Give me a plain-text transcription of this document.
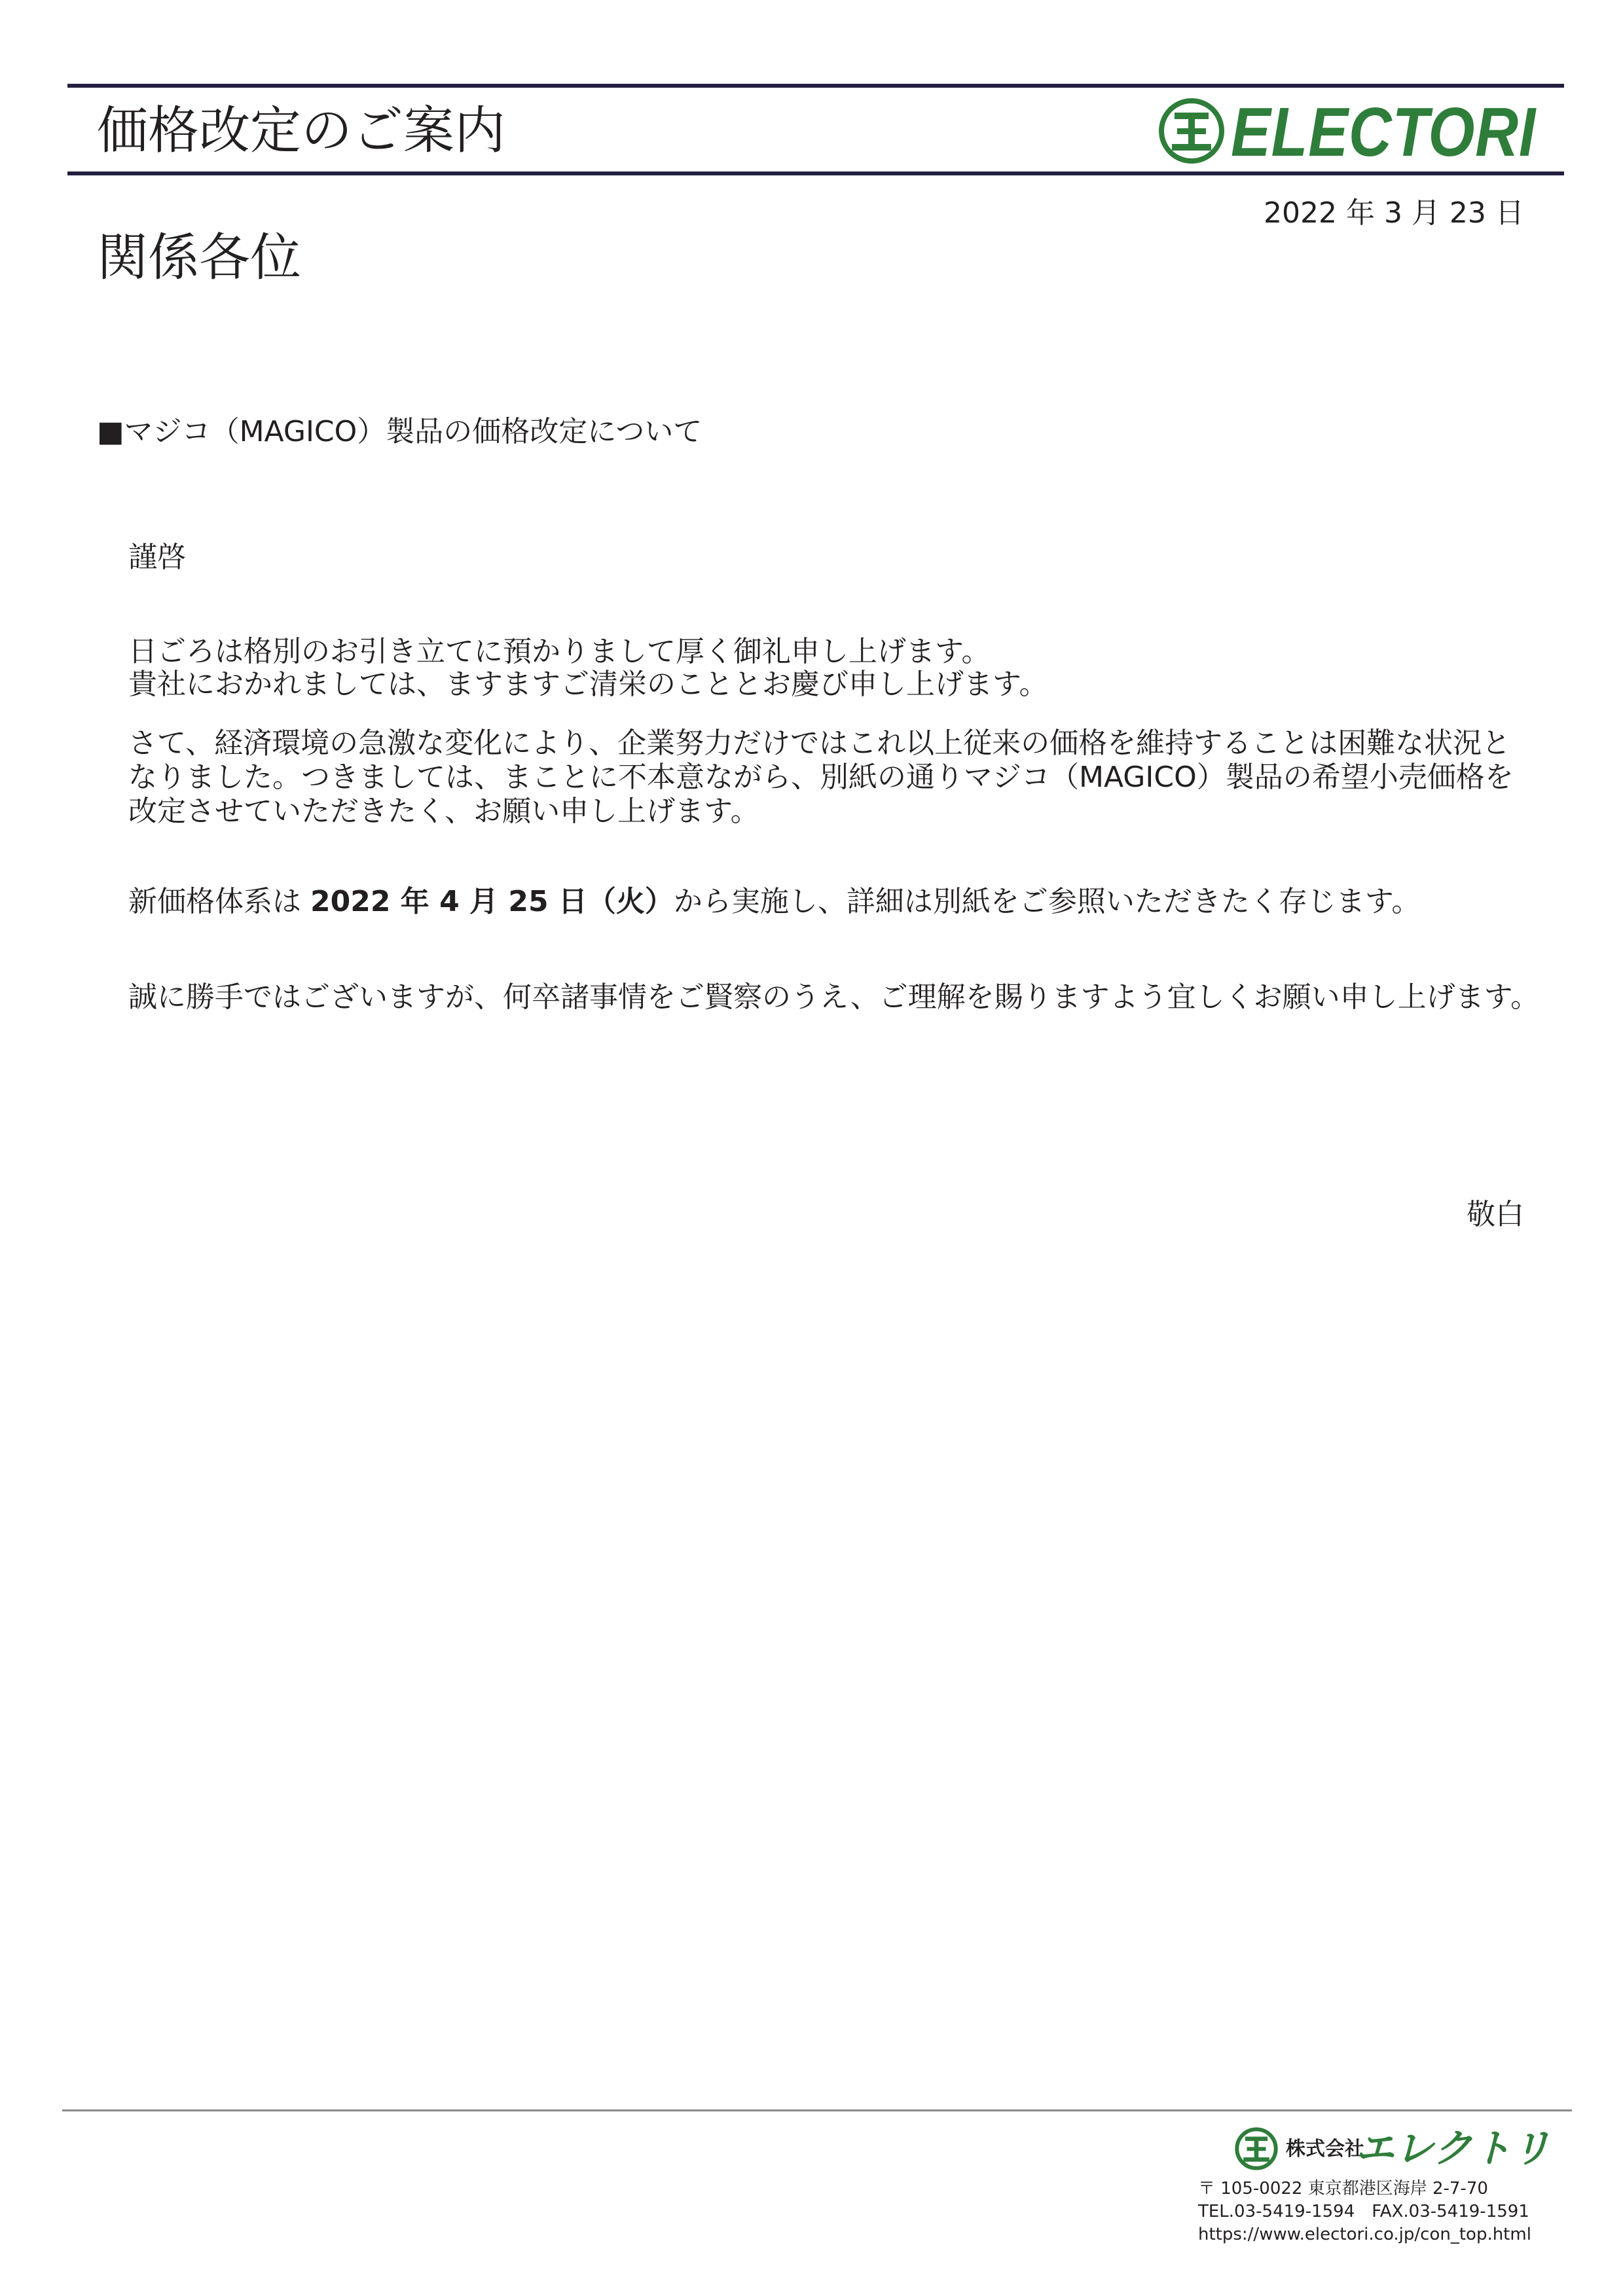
価格改定のご案内	ELECTORI
2022 年 3 月 23 日
関係各位
■マジコ（MAGICO）製品の価格改定について
謹啓
日ごろは格別のお引き立てに預かりまして厚く御礼申し上げます。
貴社におかれましては、ますますご清栄のこととお慶び申し上げます。
さて、経済環境の急激な変化により、企業努力だけではこれ以上従来の価格を維持することは困難な状況と
なりました。つきましては、まことに不本意ながら、別紙の通りマジコ（MAGICO）製品の希望小売価格を
改定させていただきたく、お願い申し上げます。
新価格体系は 2022 年 4 月 25 日（火）から実施し、詳細は別紙をご参照いただきたく存じます。
誠に勝手ではございますが、何卒諸事情をご賢察のうえ、ご理解を賜りますよう宜しくお願い申し上げます。
敬白
株式会社
エレクトリ
〒 105-0022 東京都港区海岸 2-7-70
TEL.03-5419-1594　FAX.03-5419-1591
https://www.electori.co.jp/con_top.html
